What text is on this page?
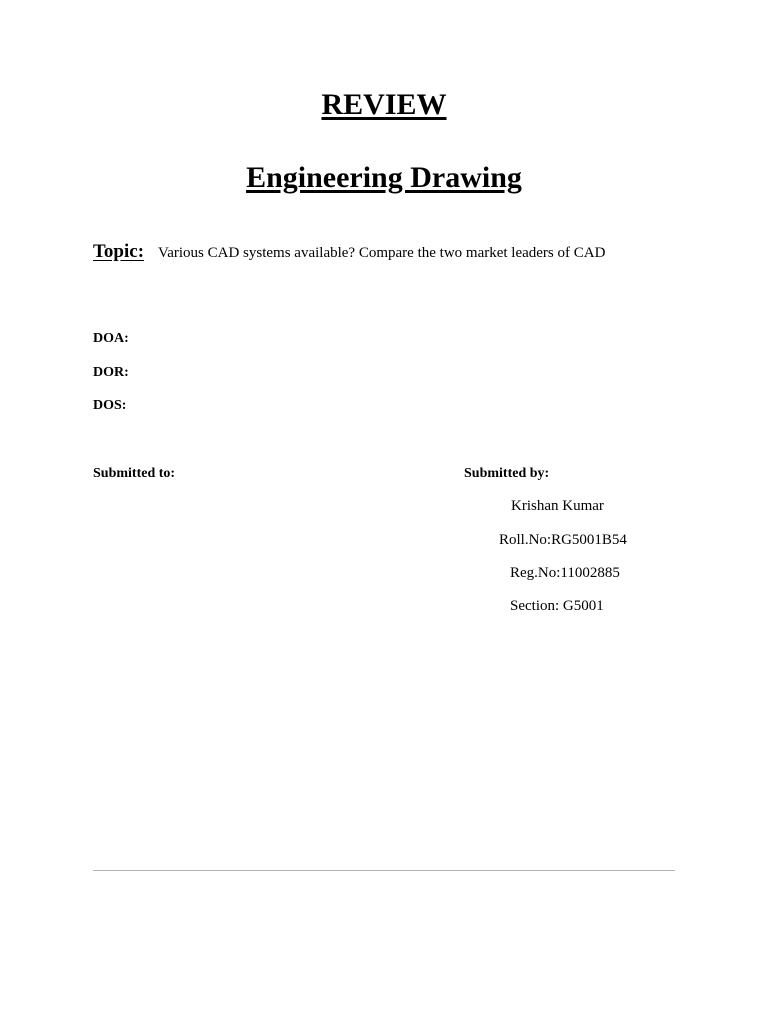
REVIEW
Engineering Drawing
Topic: Various CAD systems available? Compare the two market leaders of CAD
DOA:
DOR:
DOS:
Submitted to:	Submitted by:
Krishan Kumar
Roll.No:RG5001B54
Reg.No:11002885
Section: G5001
